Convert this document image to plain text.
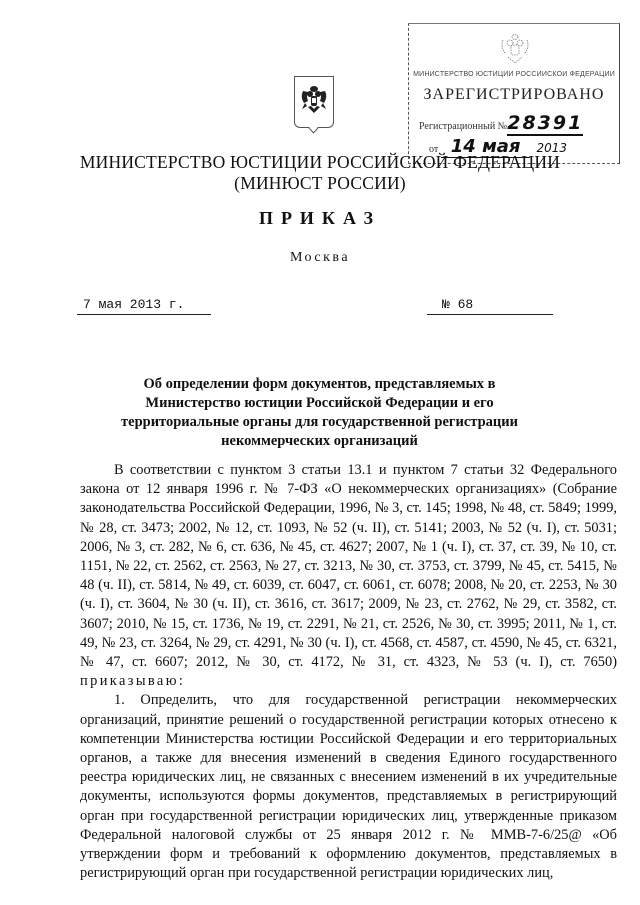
МИНИСТЕРСТВО ЮСТИЦИИ РОССИЙСКОЙ ФЕДЕРАЦИИ
ЗАРЕГИСТРИРОВАНО
Регистрационный №28391
от 14 мая 2013
МИНИСТЕРСТВО ЮСТИЦИИ РОССИЙСКОЙ ФЕДЕРАЦИИ
(МИНЮСТ РОССИИ)
ПРИКАЗ
Москва
7 мая 2013 г.	№ 68
Об определении форм документов, представляемых в Министерство юстиции Российской Федерации и его территориальные органы для государственной регистрации некоммерческих организаций

В соответствии с пунктом 3 статьи 13.1 и пунктом 7 статьи 32 Федерального закона от 12 января 1996 г. № 7-ФЗ «О некоммерческих организациях» (Собрание законодательства Российской Федерации, 1996, № 3, ст. 145; 1998, № 48, ст. 5849; 1999, № 28, ст. 3473; 2002, № 12, ст. 1093, № 52 (ч. II), ст. 5141; 2003, № 52 (ч. I), ст. 5031; 2006, № 3, ст. 282, № 6, ст. 636, № 45, ст. 4627; 2007, № 1 (ч. I), ст. 37, ст. 39, № 10, ст. 1151, № 22, ст. 2562, ст. 2563, № 27, ст. 3213, № 30, ст. 3753, ст. 3799, № 45, ст. 5415, № 48 (ч. II), ст. 5814, № 49, ст. 6039, ст. 6047, ст. 6061, ст. 6078; 2008, № 20, ст. 2253, № 30 (ч. I), ст. 3604, № 30 (ч. II), ст. 3616, ст. 3617; 2009, № 23, ст. 2762, № 29, ст. 3582, ст. 3607; 2010, № 15, ст. 1736, № 19, ст. 2291, № 21, ст. 2526, № 30, ст. 3995; 2011, № 1, ст. 49, № 23, ст. 3264, № 29, ст. 4291, № 30 (ч. I), ст. 4568, ст. 4587, ст. 4590, № 45, ст. 6321, № 47, ст. 6607; 2012, № 30, ст. 4172, № 31, ст. 4323, № 53 (ч. I), ст. 7650) приказываю:

1. Определить, что для государственной регистрации некоммерческих организаций, принятие решений о государственной регистрации которых отнесено к компетенции Министерства юстиции Российской Федерации и его территориальных органов, а также для внесения изменений в сведения Единого государственного реестра юридических лиц, не связанных с внесением изменений в их учредительные документы, используются формы документов, представляемых в регистрирующий орган при государственной регистрации юридических лиц, утвержденные приказом Федеральной налоговой службы от 25 января 2012 г. № ММВ-7-6/25@ «Об утверждении форм и требований к оформлению документов, представляемых в регистрирующий орган при государственной регистрации юридических лиц,
